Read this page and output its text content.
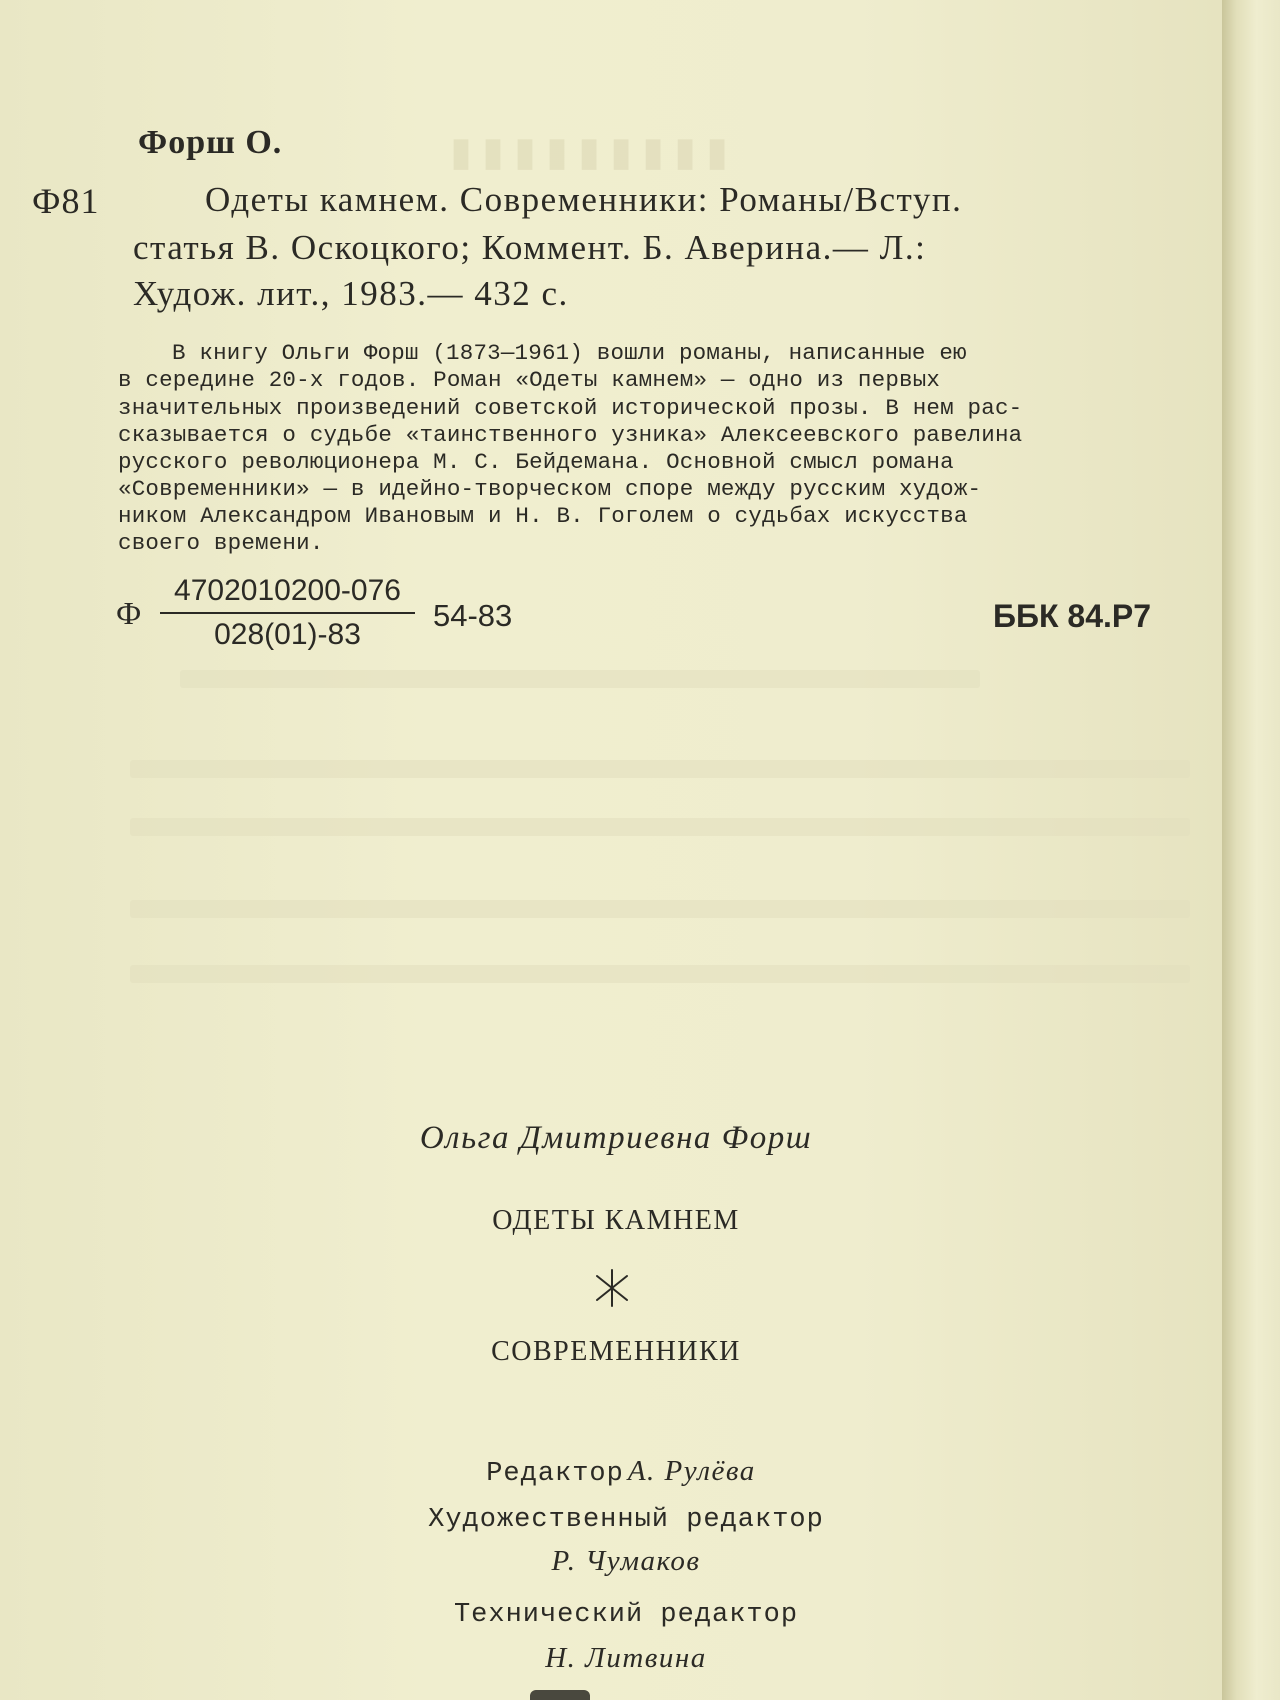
▮▮▮▮▮▮▮▮▮
Форш О.
Ф81	Одеты камнем. Современники: Романы/Вступ.
статья В. Оскоцкого; Коммент. Б. Аверина.— Л.:
Худож. лит., 1983.— 432 с.
В книгу Ольги Форш (1873—1961) вошли романы, написанные ею
в середине 20-х годов. Роман «Одеты камнем» — одно из первых
значительных произведений советской исторической прозы. В нем рас-
сказывается о судьбе «таинственного узника» Алексеевского равелина
русского революционера М. С. Бейдемана. Основной смысл романа
«Современники» — в идейно-творческом споре между русским худож-
ником Александром Ивановым и Н. В. Гоголем о судьбах искусства
своего времени.
Ф
4702010200-076
028(01)-83
54-83	ББК 84.Р7
Ольга Дмитриевна Форш
ОДЕТЫ КАМНЕМ
СОВРЕМЕННИКИ
Редактор А. Рулёва
Художественный редактор
Р. Чумаков
Технический редактор
Н. Литвина
